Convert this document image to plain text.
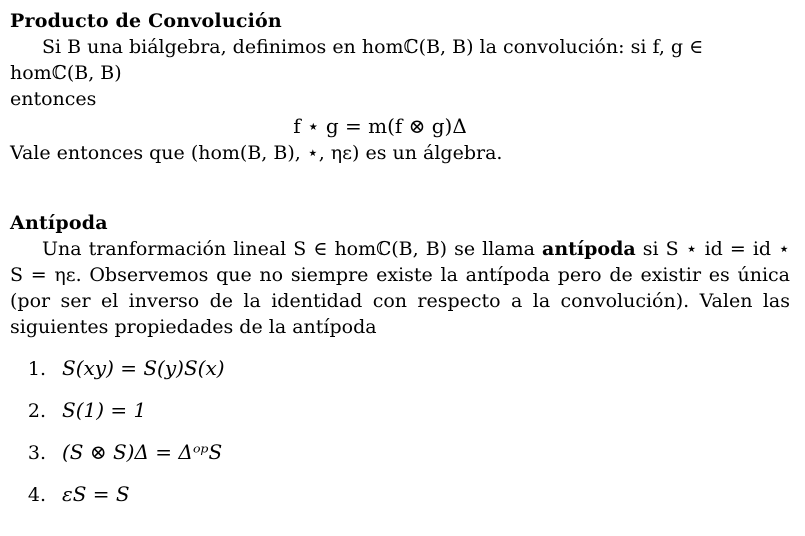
Producto de Convolución

Si B una biálgebra, definimos en homℂ(B, B) la convolución: si f, g ∈ homℂ(B, B)

entonces

f ⋆ g = m(f ⊗ g)Δ

Vale entonces que (hom(B, B), ⋆, ηε) es un álgebra.

Antípoda

Una tranformación lineal S ∈ homℂ(B, B) se llama antípoda si S ⋆ id = id ⋆ S = ηε. Observemos que no siempre existe la antípoda pero de existir es única (por ser el inverso de la identidad con respecto a la convolución). Valen las siguientes propiedades de la antípoda

1. S(xy) = S(y)S(x)
2. S(1) = 1
3. (S ⊗ S)Δ = ΔᵒᵖS
4. εS = S
